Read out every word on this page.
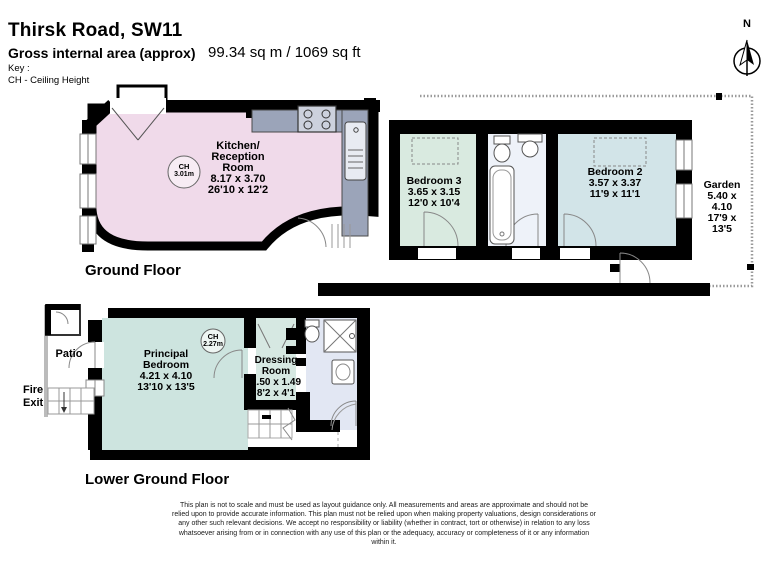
Thirsk Road, SW11
Gross internal area (approx) 99.34 sq m / 1069 sq ft
Key :
CH - Ceiling Height
N
Kitchen/
Reception
Room
8.17 x 3.70
26'10 x 12'2
CH
3.01m
Bedroom 3
3.65 x 3.15
12'0 x 10'4
Bedroom 2
3.57 x 3.37
11'9 x 11'1
Garden
5.40 x 4.10
17'9 x 13'5
Ground Floor
Principal
Bedroom
4.21 x 4.10
13'10 x 13'5
CH
2.27m
Dressing
Room
2.50 x 1.49
8'2 x 4'1
Patio
Fire
Exit
Lower Ground Floor
This plan is not to scale and must be used as layout guidance only. All measurements and areas are approximate and should not be relied upon to provide accurate information. This plan must not be relied upon when making property valuations, design considerations or any other such relevant decisions. We accept no responsibility or liability (whether in contract, tort or otherwise) in relation to any loss whatsoever arising from or in connection with any use of this plan or the adequacy, accuracy or completeness of it or any information within it.
